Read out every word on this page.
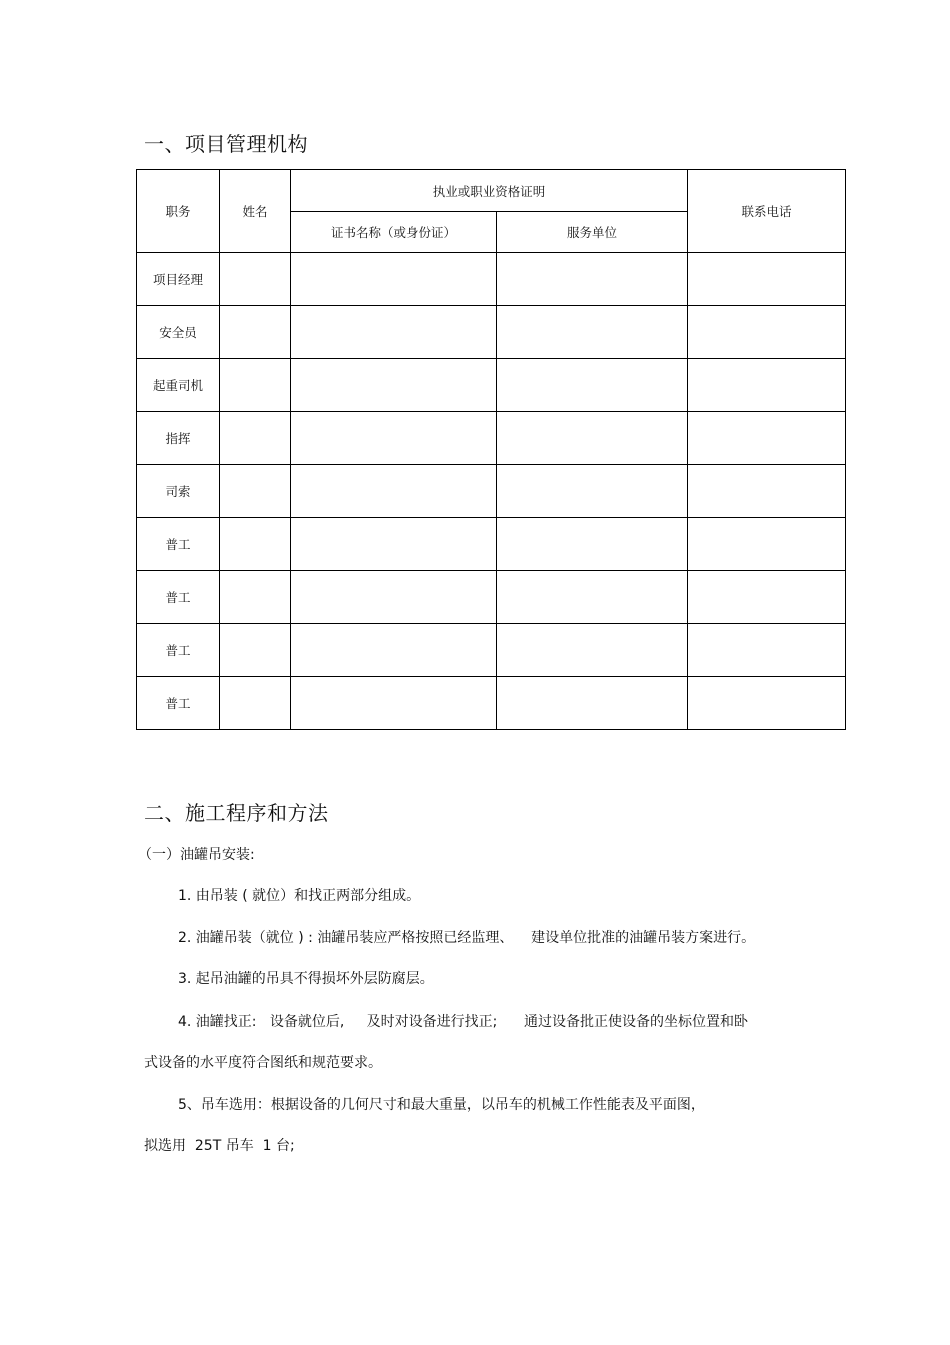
一、项目管理机构
职务	姓名	执业或职业资格证明		联系电话
		证书名称（或身份证）	服务单位	
项目经理				
安全员				
起重司机				
指挥				
司索				
普工				
普工				
普工				
普工				
二、施工程序和方法

（一）油罐吊安装:

1. 由吊装 ( 就位）和找正两部分组成。

2. 油罐吊装（就位 ) : 油罐吊装应严格按照已经监理、    建设单位批准的油罐吊装方案进行。

3. 起吊油罐的吊具不得损坏外层防腐层。

4. 油罐找正:   设备就位后,     及时对设备进行找正;      通过设备批正使设备的坐标位置和卧

式设备的水平度符合图纸和规范要求。

5、吊车选用：根据设备的几何尺寸和最大重量，以吊车的机械工作性能表及平面图，

拟选用  25T 吊车  1 台;
